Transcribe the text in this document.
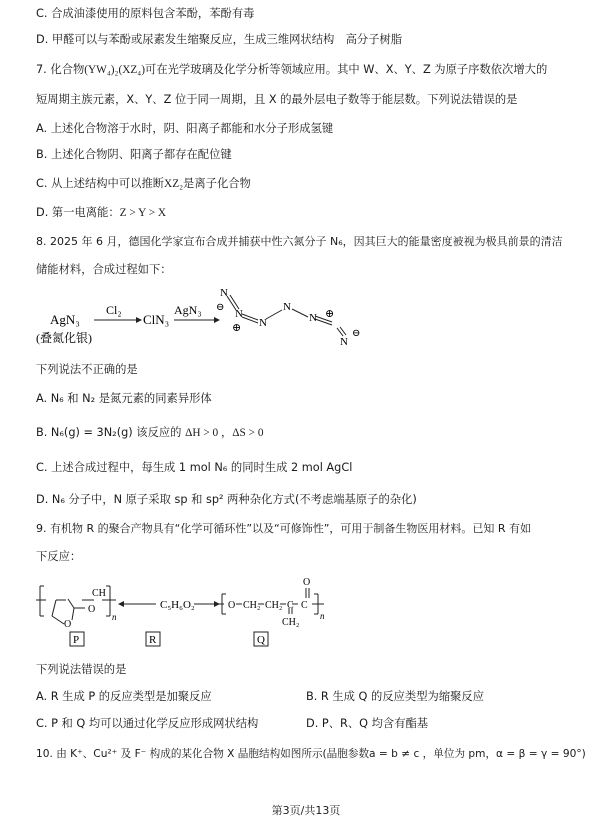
C. 合成油漆使用的原料包含苯酚，苯酚有毒
D. 甲醛可以与苯酚或尿素发生缩聚反应，生成三维网状结构　高分子树脂
7. 化合物(YW₄)₂(XZ₄)可在光学玻璃及化学分析等领域应用。其中 W、X、Y、Z 为原子序数依次增大的
短周期主族元素，X、Y、Z 位于同一周期，且 X 的最外层电子数等于能层数。下列说法错误的是
A. 上述化合物溶于水时，阴、阳离子都能和水分子形成氢键
B. 上述化合物阴、阳离子都存在配位键
C. 从上述结构中可以推断XZ₂是离子化合物
D. 第一电离能：Z > Y > X
8. 2025 年 6 月，德国化学家宣布合成并捕获中性六氮分子 N₆，因其巨大的能量密度被视为极具前景的清洁
储能材料，合成过程如下：
AgN₃
Cl₂
ClN₃
AgN₃
(叠氮化银)
N
N
N
N
N
N
⊕
⊕
⊖
⊖
下列说法不正确的是
A. N₆ 和 N₂ 是氮元素的同素异形体
B. N₆(g) = 3N₂(g) 该反应的 ΔH > 0 ，ΔS > 0
C. 上述合成过程中，每生成 1 mol N₆ 的同时生成 2 mol AgCl
D. N₆ 分子中，N 原子采取 sp 和 sp² 两种杂化方式(不考虑端基原子的杂化)
9. 有机物 R 的聚合产物具有“化学可循环性”以及“可修饰性”，可用于制备生物医用材料。已知 R 有如
下反应：
CH
O
O
n
C₅H₆O₂	O CH₂ CH₂ C C
O
CH₂
n
P	R	Q
下列说法错误的是
A. R 生成 P 的反应类型是加聚反应	B. R 生成 Q 的反应类型为缩聚反应
C. P 和 Q 均可以通过化学反应形成网状结构	D. P、R、Q 均含有酯基
10. 由 K⁺、Cu²⁺ 及 F⁻ 构成的某化合物 X 晶胞结构如图所示(晶胞参数a = b ≠ c ，单位为 pm，α = β = γ = 90°)
第3页/共13页
